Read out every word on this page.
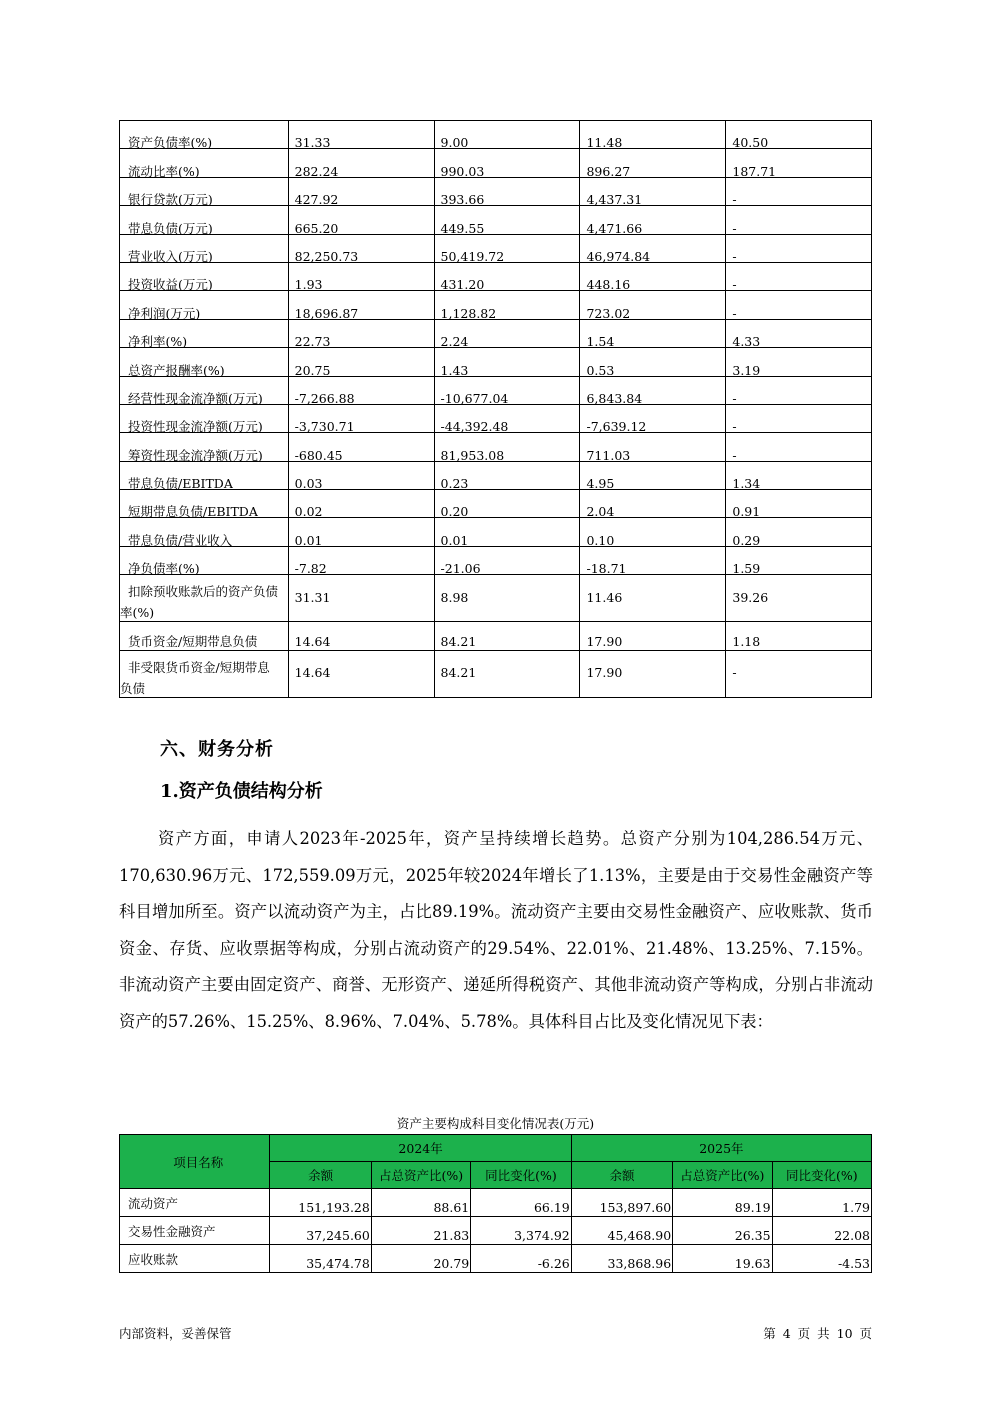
资产负债率(%)	31.33	9.00	11.48	40.50
流动比率(%)	282.24	990.03	896.27	187.71
银行贷款(万元)	427.92	393.66	4,437.31	-
带息负债(万元)	665.20	449.55	4,471.66	-
营业收入(万元)	82,250.73	50,419.72	46,974.84	-
投资收益(万元)	1.93	431.20	448.16	-
净利润(万元)	18,696.87	1,128.82	723.02	-
净利率(%)	22.73	2.24	1.54	4.33
总资产报酬率(%)	20.75	1.43	0.53	3.19
经营性现金流净额(万元)	-7,266.88	-10,677.04	6,843.84	-
投资性现金流净额(万元)	-3,730.71	-44,392.48	-7,639.12	-
筹资性现金流净额(万元)	-680.45	81,953.08	711.03	-
带息负债/EBITDA	0.03	0.23	4.95	1.34
短期带息负债/EBITDA	0.02	0.20	2.04	0.91
带息负债/营业收入	0.01	0.01	0.10	0.29
净负债率(%)	-7.82	-21.06	-18.71	1.59

扣除预收账款后的资产负债
率(%)	31.31	8.98	11.46	39.26
货币资金/短期带息负债	14.64	84.21	17.90	1.18

非受限货币资金/短期带息
负债	14.64	84.21	17.90	-
六、财务分析
1.资产负债结构分析

资产方面，申请人2023年-2025年，资产呈持续增长趋势。总资产分别为104,286.54万元、170,630.96万元、172,559.09万元，2025年较2024年增长了1.13%，主要是由于交易性金融资产等科目增加所至。资产以流动资产为主，占比89.19%。流动资产主要由交易性金融资产、应收账款、货币资金、存货、应收票据等构成，分别占流动资产的29.54%、22.01%、21.48%、13.25%、7.15%。非流动资产主要由固定资产、商誉、无形资产、递延所得税资产、其他非流动资产等构成，分别占非流动资产的57.26%、15.25%、8.96%、7.04%、5.78%。具体科目占比及变化情况见下表：

资产主要构成科目变化情况表(万元)
项目名称	2024年			2025年		
	余额	占总资产比(%)	同比变化(%)	余额	占总资产比(%)	同比变化(%)
流动资产	151,193.28	88.61	66.19	153,897.60	89.19	1.79
交易性金融资产	37,245.60	21.83	3,374.92	45,468.90	26.35	22.08
应收账款	35,474.78	20.79	-6.26	33,868.96	19.63	-4.53
内部资料，妥善保管	第 4 页 共 10 页
